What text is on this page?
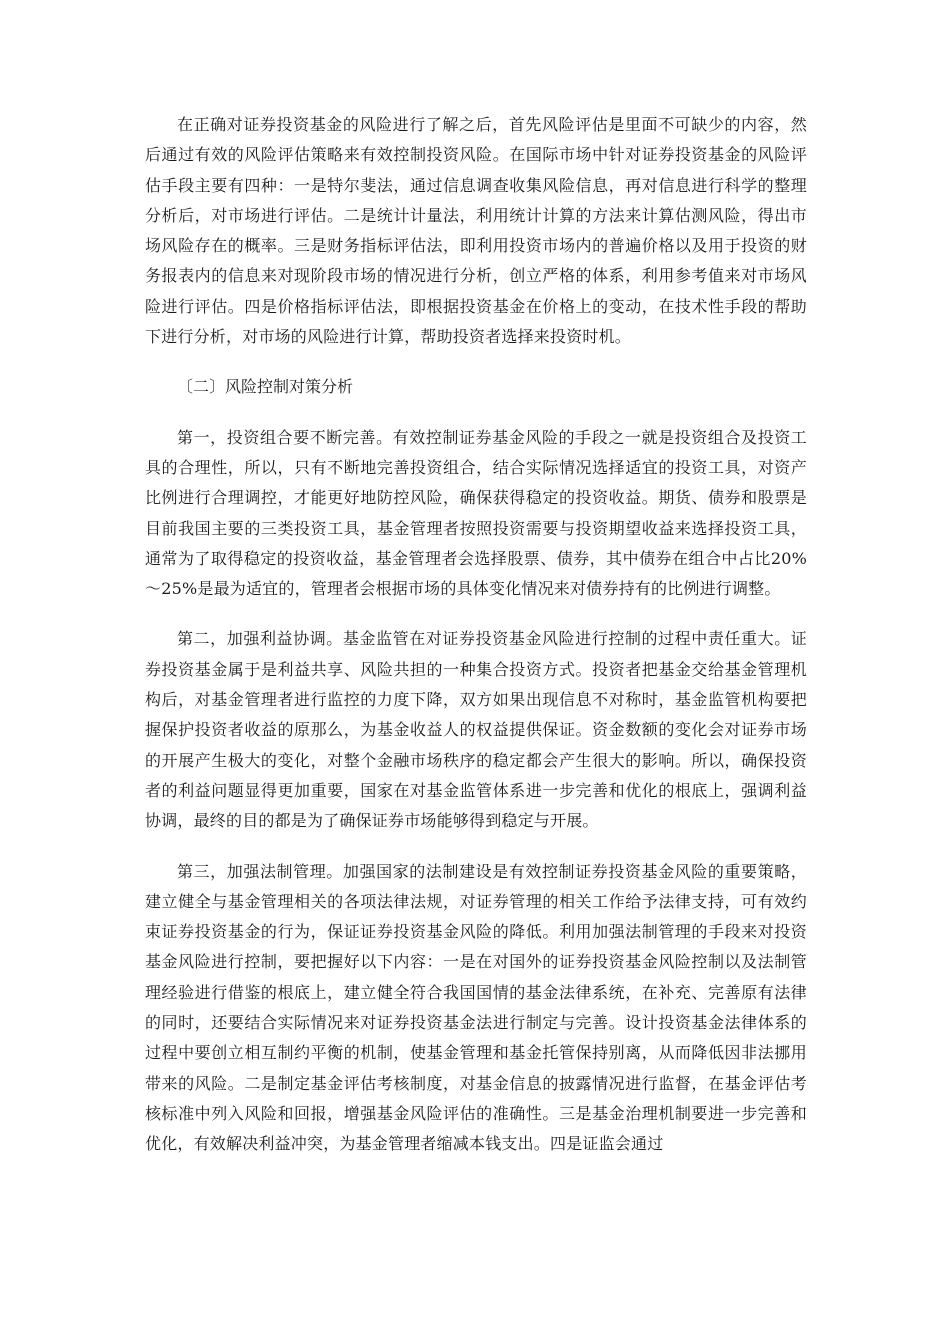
在正确对证券投资基金的风险进行了解之后，首先风险评估是里面不可缺少的内容，然后通过有效的风险评估策略来有效控制投资风险。在国际市场中针对证券投资基金的风险评估手段主要有四种：一是特尔斐法，通过信息调查收集风险信息，再对信息进行科学的整理分析后，对市场进行评估。二是统计计量法，利用统计计算的方法来计算估测风险，得出市场风险存在的概率。三是财务指标评估法，即利用投资市场内的普遍价格以及用于投资的财务报表内的信息来对现阶段市场的情况进行分析，创立严格的体系，利用参考值来对市场风险进行评估。四是价格指标评估法，即根据投资基金在价格上的变动，在技术性手段的帮助下进行分析，对市场的风险进行计算，帮助投资者选择来投资时机。

〔二〕风险控制对策分析

第一，投资组合要不断完善。有效控制证券基金风险的手段之一就是投资组合及投资工具的合理性，所以，只有不断地完善投资组合，结合实际情况选择适宜的投资工具，对资产比例进行合理调控，才能更好地防控风险，确保获得稳定的投资收益。期货、债券和股票是目前我国主要的三类投资工具，基金管理者按照投资需要与投资期望收益来选择投资工具，通常为了取得稳定的投资收益，基金管理者会选择股票、债券，其中债券在组合中占比20%～25%是最为适宜的，管理者会根据市场的具体变化情况来对债券持有的比例进行调整。

第二，加强利益协调。基金监管在对证券投资基金风险进行控制的过程中责任重大。证券投资基金属于是利益共享、风险共担的一种集合投资方式。投资者把基金交给基金管理机构后，对基金管理者进行监控的力度下降，双方如果出现信息不对称时，基金监管机构要把握保护投资者收益的原那么，为基金收益人的权益提供保证。资金数额的变化会对证券市场的开展产生极大的变化，对整个金融市场秩序的稳定都会产生很大的影响。所以，确保投资者的利益问题显得更加重要，国家在对基金监管体系进一步完善和优化的根底上，强调利益协调，最终的目的都是为了确保证券市场能够得到稳定与开展。

第三，加强法制管理。加强国家的法制建设是有效控制证券投资基金风险的重要策略，建立健全与基金管理相关的各项法律法规，对证券管理的相关工作给予法律支持，可有效约束证券投资基金的行为，保证证券投资基金风险的降低。利用加强法制管理的手段来对投资基金风险进行控制，要把握好以下内容：一是在对国外的证券投资基金风险控制以及法制管理经验进行借鉴的根底上，建立健全符合我国国情的基金法律系统，在补充、完善原有法律的同时，还要结合实际情况来对证券投资基金法进行制定与完善。设计投资基金法律体系的过程中要创立相互制约平衡的机制，使基金管理和基金托管保持别离，从而降低因非法挪用带来的风险。二是制定基金评估考核制度，对基金信息的披露情况进行监督，在基金评估考核标准中列入风险和回报，增强基金风险评估的准确性。三是基金治理机制要进一步完善和优化，有效解决利益冲突，为基金管理者缩减本钱支出。四是证监会通过
